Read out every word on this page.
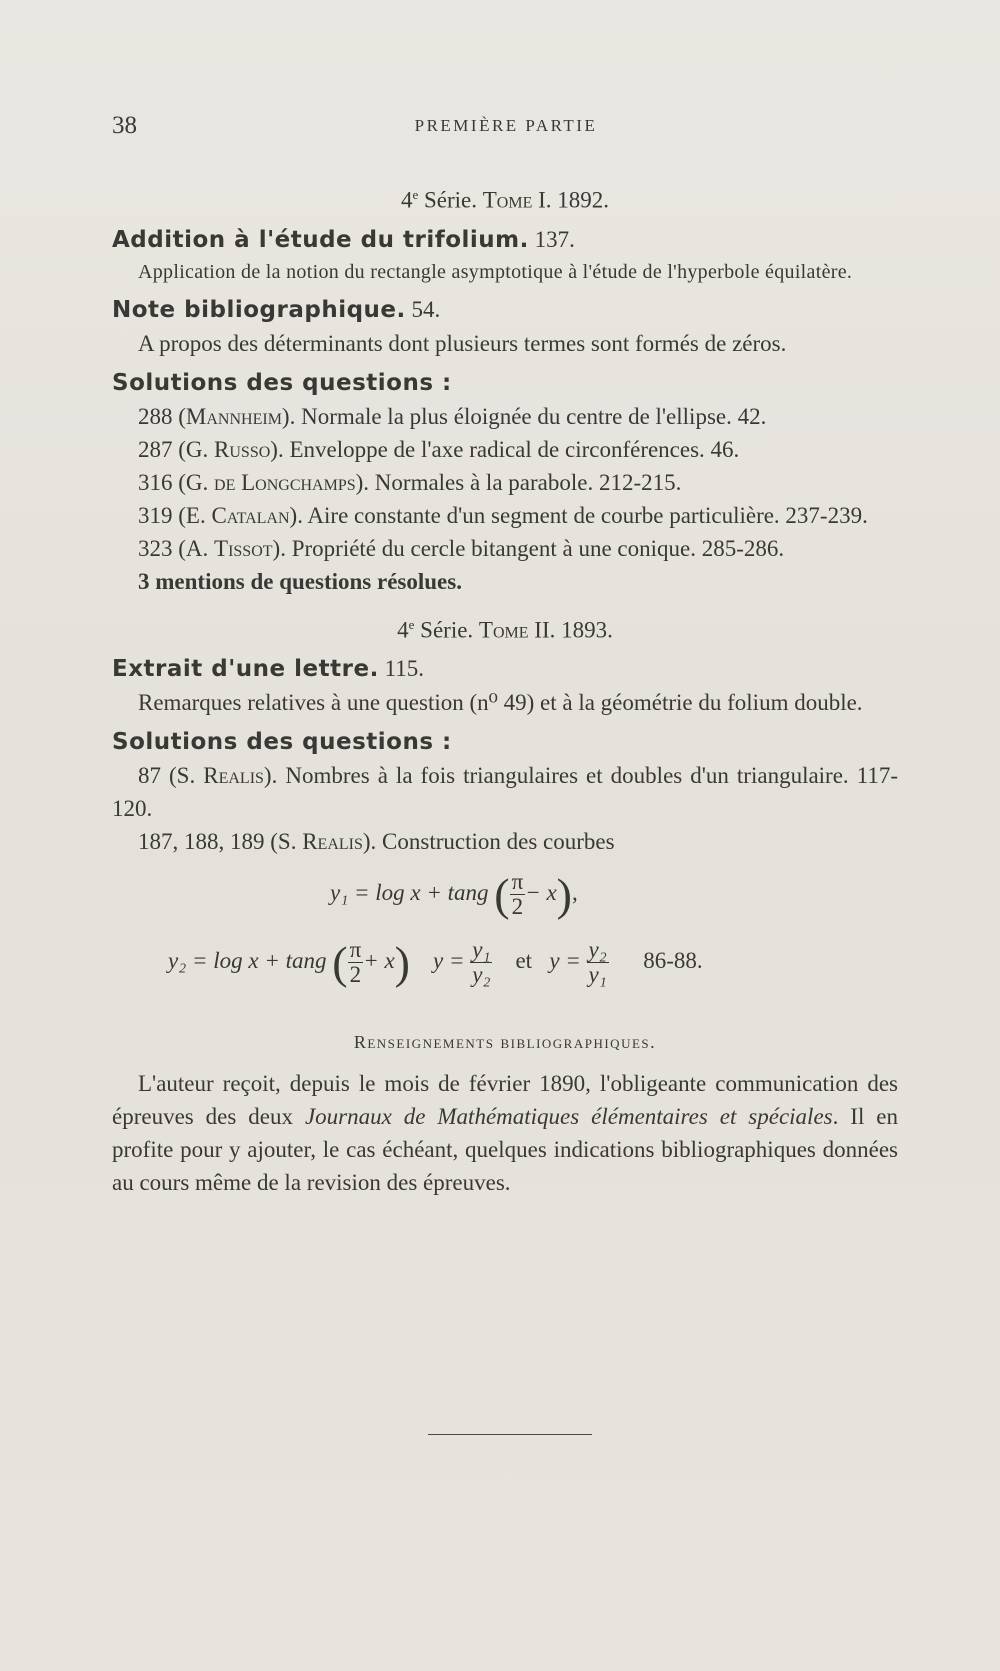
38	PREMIÈRE PARTIE

4e Série. Tome I. 1892.

Addition à l'étude du trifolium. 137.

Application de la notion du rectangle asymptotique à l'étude de l'hyperbole équilatère.

Note bibliographique. 54.

A propos des déterminants dont plusieurs termes sont formés de zéros.

Solutions des questions :

288 (Mannheim). Normale la plus éloignée du centre de l'ellipse. 42.

287 (G. Russo). Enveloppe de l'axe radical de circonférences. 46.

316 (G. de Longchamps). Normales à la parabole. 212-215.

319 (E. Catalan). Aire constante d'un segment de courbe particulière. 237-239.

323 (A. Tissot). Propriété du cercle bitangent à une conique. 285-286.

3 mentions de questions résolues.

4e Série. Tome II. 1893.

Extrait d'une lettre. 115.

Remarques relatives à une question (n⁰ 49) et à la géométrie du folium double.

Solutions des questions :

87 (S. Realis). Nombres à la fois triangulaires et doubles d'un triangulaire. 117-120.

187, 188, 189 (S. Realis). Construction des courbes

y₁ = log x + tang ( $\frac{\pi}{2} - x$),
y₂ = log x + tang ( $\frac{\pi}{2} + x$) $y = \frac{\text{y₁}}{\text{y₂}}$ et $y = \frac{\text{y₂}}{\text{y₁}} 86-88$.

Renseignements bibliographiques.

L'auteur reçoit, depuis le mois de février 1890, l'obligeante communication des épreuves des deux Journaux de Mathématiques élémentaires et spéciales. Il en profite pour y ajouter, le cas échéant, quelques indications bibliographiques données au cours même de la revision des épreuves.
